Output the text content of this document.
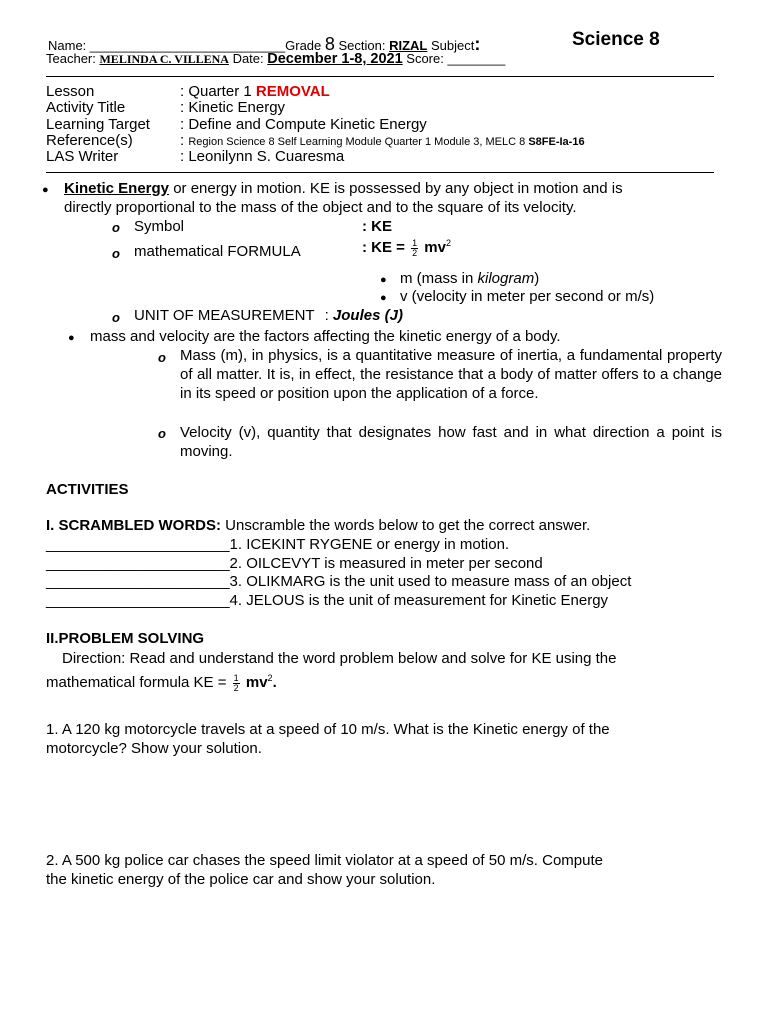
Name: ___________________________Grade 8 Section: RIZAL Subject:	Science 8
Teacher: MELINDA C. VILLENA Date: December 1-8, 2021 Score: ________
Lesson	: Quarter 1 REMOVAL
Activity Title	: Kinetic Energy
Learning Target : Define and Compute Kinetic Energy
Reference(s)	: Region Science 8 Self Learning Module Quarter 1 Module 3, MELC 8 S8FE-Ia-16
LAS Writer	: Leonilynn S. Cuaresma
● Kinetic Energy or energy in motion. KE is possessed by any object in motion and is
directly proportional to the mass of the object and to the square of its velocity.
o Symbol	: KE
o mathematical FORMULA	: KE = $\frac{1}{2} mv^2$
● m (mass in kilogram)
● v (velocity in meter per second or m/s)
o UNIT OF MEASUREMENT : Joules (J)
● mass and velocity are the factors affecting the kinetic energy of a body.
o Mass (m), in physics, is a quantitative measure of inertia, a fundamental property of all matter. It is, in effect, the resistance that a body of matter offers to a change in its speed or position upon the application of a force.
o Velocity (v), quantity that designates how fast and in what direction a point is moving.
ACTIVITIES
I. SCRAMBLED WORDS: Unscramble the words below to get the correct answer.
______________________1. ICEKINT RYGENE or energy in motion.
______________________2. OILCEVYT is measured in meter per second
______________________3. OLIKMARG is the unit used to measure mass of an object
______________________4. JELOUS is the unit of measurement for Kinetic Energy
II.PROBLEM SOLVING
Direction: Read and understand the word problem below and solve for KE using the
mathematical formula KE = $\frac{1}{2} mv^2$.
1. A 120 kg motorcycle travels at a speed of 10 m/s. What is the Kinetic energy of the
motorcycle? Show your solution.
2. A 500 kg police car chases the speed limit violator at a speed of 50 m/s. Compute
the kinetic energy of the police car and show your solution.
